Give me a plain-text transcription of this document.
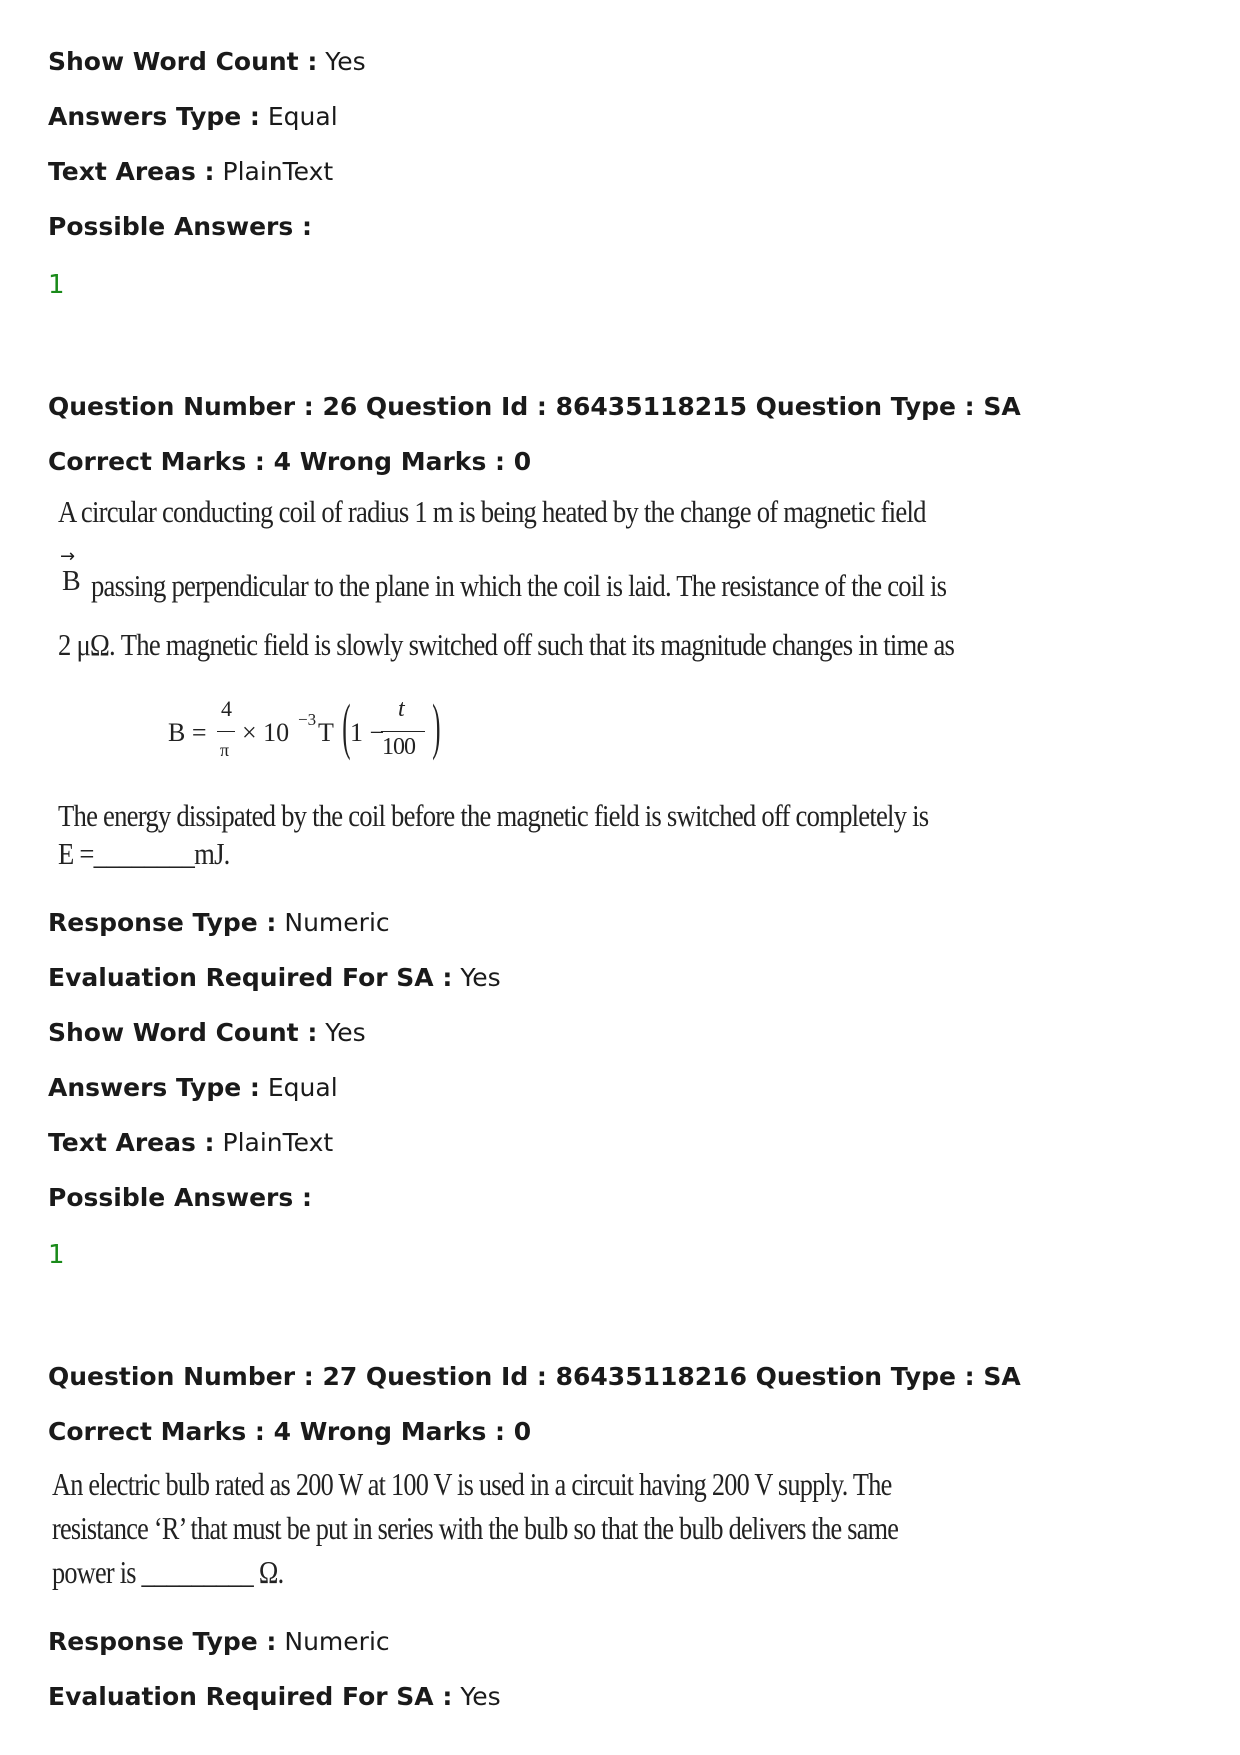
Show Word Count : Yes
Answers Type : Equal
Text Areas : PlainText
Possible Answers :
1
Question Number : 26 Question Id : 86435118215 Question Type : SA
Correct Marks : 4 Wrong Marks : 0
A circular conducting coil of radius 1 m is being heated by the change of magnetic field
→
B passing perpendicular to the plane in which the coil is laid. The resistance of the coil is
2 μΩ. The magnetic field is slowly switched off such that its magnitude changes in time as
B =
4
π
× 10 −3 T ( 1 −
t
100 )
The energy dissipated by the coil before the magnetic field is switched off completely is
E =________mJ.
Response Type : Numeric
Evaluation Required For SA : Yes
Show Word Count : Yes
Answers Type : Equal
Text Areas : PlainText
Possible Answers :
1
Question Number : 27 Question Id : 86435118216 Question Type : SA
Correct Marks : 4 Wrong Marks : 0
An electric bulb rated as 200 W at 100 V is used in a circuit having 200 V supply. The
resistance ‘R’ that must be put in series with the bulb so that the bulb delivers the same
power is _________ Ω.
Response Type : Numeric
Evaluation Required For SA : Yes
